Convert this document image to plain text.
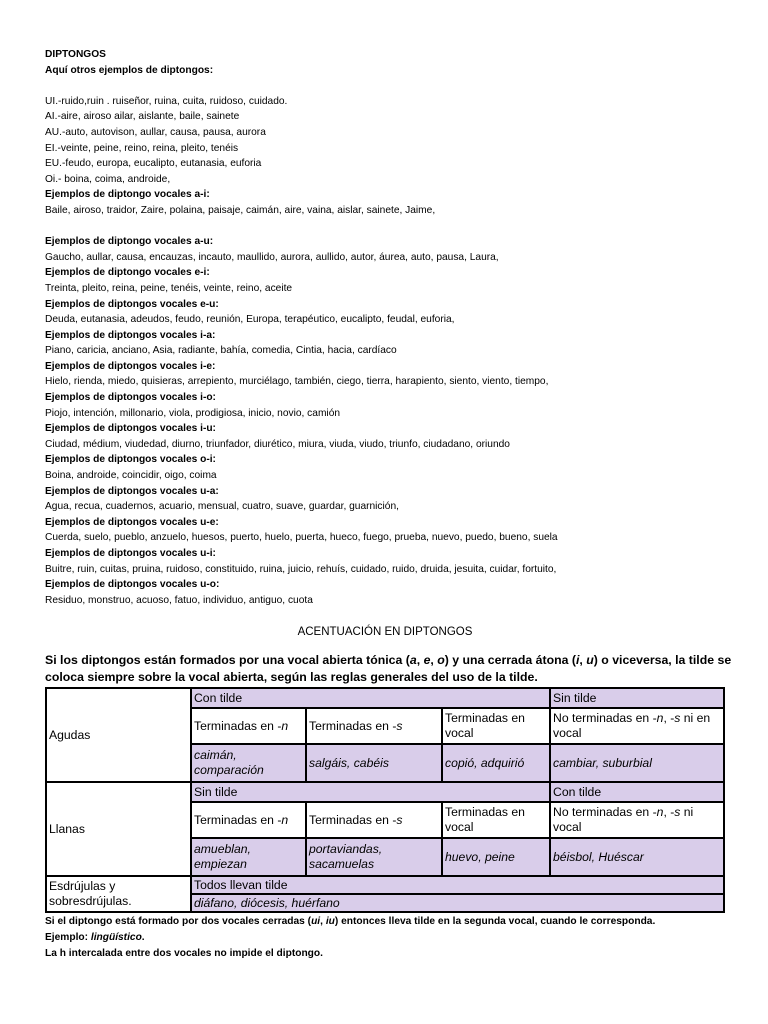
DIPTONGOS
Aquí otros ejemplos de diptongos:
UI.-ruido,ruin . ruiseñor, ruina, cuita, ruidoso, cuidado.
AI.-aire, airoso ailar, aislante, baile, sainete
AU.-auto, autovison, aullar, causa, pausa, aurora
EI.-veinte, peine, reino, reina, pleito, tenéis
EU.-feudo, europa, eucalipto, eutanasia, euforia
Oi.- boina, coima, androide,
Ejemplos de diptongo vocales a-i:
Baile, airoso, traidor, Zaire, polaina, paisaje, caimán, aire, vaina, aislar, sainete, Jaime,
Ejemplos de diptongo vocales a-u:
Gaucho, aullar, causa, encauzas, incauto, maullido, aurora, aullido, autor, áurea, auto, pausa, Laura,
Ejemplos de diptongo vocales e-i:
Treinta, pleito, reina, peine, tenéis, veinte, reino, aceite
Ejemplos de diptongos vocales e-u:
Deuda, eutanasia, adeudos, feudo, reunión, Europa, terapéutico, eucalipto, feudal, euforia,
Ejemplos de diptongos vocales i-a:
Piano, caricia, anciano, Asia, radiante, bahía, comedia, Cintia, hacia, cardíaco
Ejemplos de diptongos vocales i-e:
Hielo, rienda, miedo, quisieras, arrepiento, murciélago, también, ciego, tierra, harapiento, siento, viento, tiempo,
Ejemplos de diptongos vocales i-o:
Piojo, intención, millonario, viola, prodigiosa, inicio, novio, camión
Ejemplos de diptongos vocales i-u:
Ciudad, médium, viudedad, diurno, triunfador, diurético, miura, viuda, viudo, triunfo, ciudadano, oriundo
Ejemplos de diptongos vocales o-i:
Boina, androide, coincidir, oigo, coima
Ejemplos de diptongos vocales u-a:
Agua, recua, cuadernos, acuario, mensual, cuatro, suave, guardar, guarnición,
Ejemplos de diptongos vocales u-e:
Cuerda, suelo, pueblo, anzuelo, huesos, puerto, huelo, puerta, hueco, fuego, prueba, nuevo, puedo, bueno, suela
Ejemplos de diptongos vocales u-i:
Buitre, ruin, cuitas, pruina, ruidoso, constituido, ruina, juicio, rehuís, cuidado, ruido, druida, jesuita, cuidar, fortuito,
Ejemplos de diptongos vocales u-o:
Residuo, monstruo, acuoso, fatuo, individuo, antiguo, cuota
ACENTUACIÓN EN DIPTONGOS
Si los diptongos están formados por una vocal abierta tónica (a, e, o) y una cerrada átona (i, u) o viceversa, la tilde se
coloca siempre sobre la vocal abierta, según las reglas generales del uso de la tilde.
Agudas	Con tilde			Sin tilde
	Terminadas en -n	Terminadas en -s	Terminadas en vocal	No terminadas en -n, -s ni en vocal
	caimán, comparación	salgáis, cabéis	copió, adquirió	cambiar, suburbial
Llanas	Sin tilde			Con tilde
	Terminadas en -n	Terminadas en -s	Terminadas en vocal	No terminadas en -n, -s ni vocal
	amueblan, empiezan	portaviandas, sacamuelas	huevo, peine	béisbol, Huéscar
Esdrújulas y sobresdrújulas.	Todos llevan tilde			
	diáfano, diócesis, huérfano			
Si el diptongo está formado por dos vocales cerradas (ui, iu) entonces lleva tilde en la segunda vocal, cuando le corresponda.
Ejemplo: lingüístico.
La h intercalada entre dos vocales no impide el diptongo.
